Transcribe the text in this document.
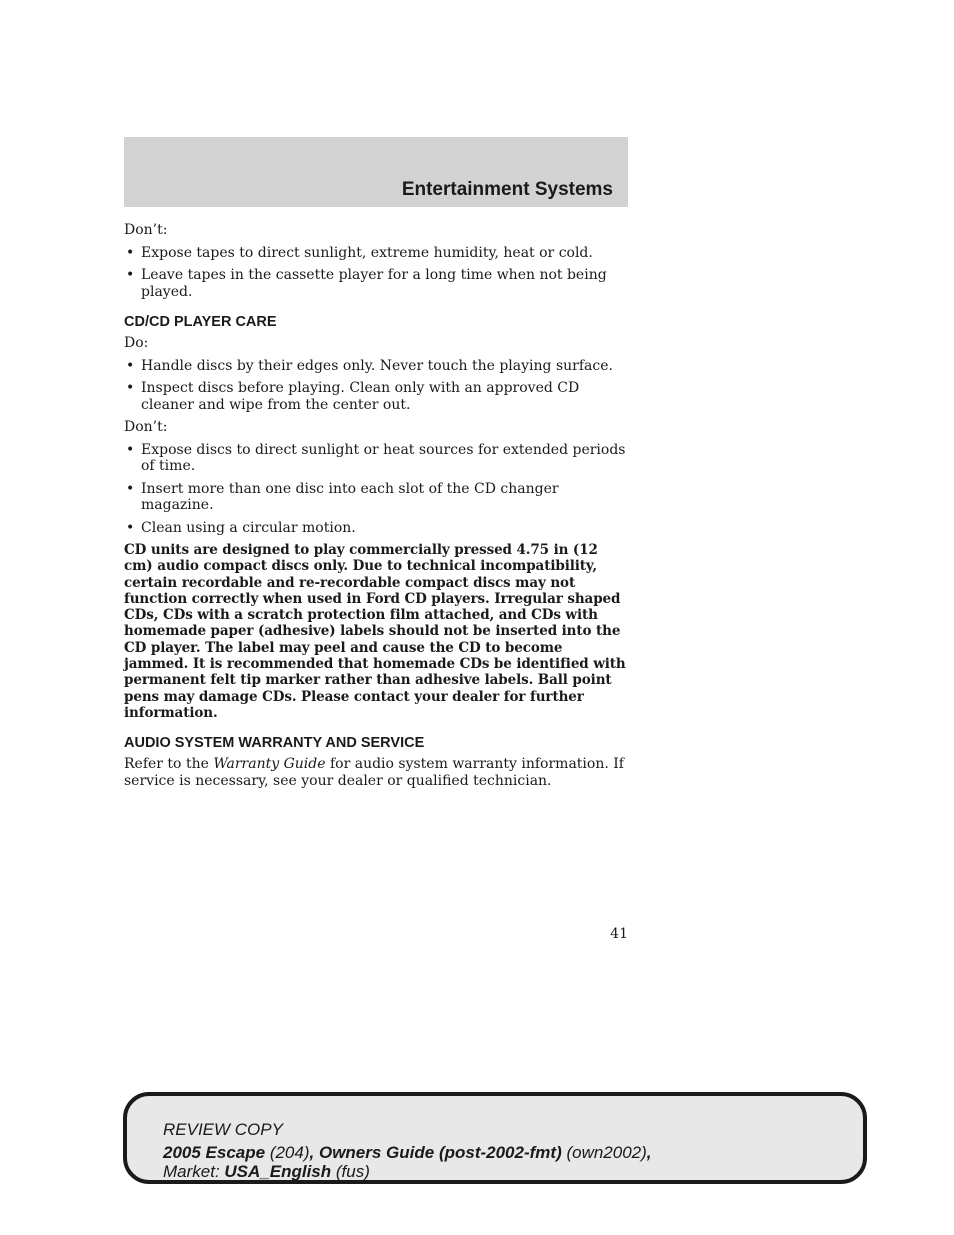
Entertainment Systems

Don’t:

• Expose tapes to direct sunlight, extreme humidity, heat or cold.
• Leave tapes in the cassette player for a long time when not being played.
CD/CD PLAYER CARE

Do:

• Handle discs by their edges only. Never touch the playing surface.
• Inspect discs before playing. Clean only with an approved CD cleaner and wipe from the center out.

Don’t:

• Expose discs to direct sunlight or heat sources for extended periods of time.
• Insert more than one disc into each slot of the CD changer magazine.
• Clean using a circular motion.

CD units are designed to play commercially pressed 4.75 in (12 cm) audio compact discs only. Due to technical incompatibility, certain recordable and re-recordable compact discs may not function correctly when used in Ford CD players. Irregular shaped CDs, CDs with a scratch protection film attached, and CDs with homemade paper (adhesive) labels should not be inserted into the CD player. The label may peel and cause the CD to become jammed. It is recommended that homemade CDs be identified with permanent felt tip marker rather than adhesive labels. Ball point pens may damage CDs. Please contact your dealer for further information.

AUDIO SYSTEM WARRANTY AND SERVICE

Refer to the Warranty Guide for audio system warranty information. If service is necessary, see your dealer or qualified technician.

41
REVIEW COPY
2005 Escape (204), Owners Guide (post-2002-fmt) (own2002),
Market: USA_English (fus)
